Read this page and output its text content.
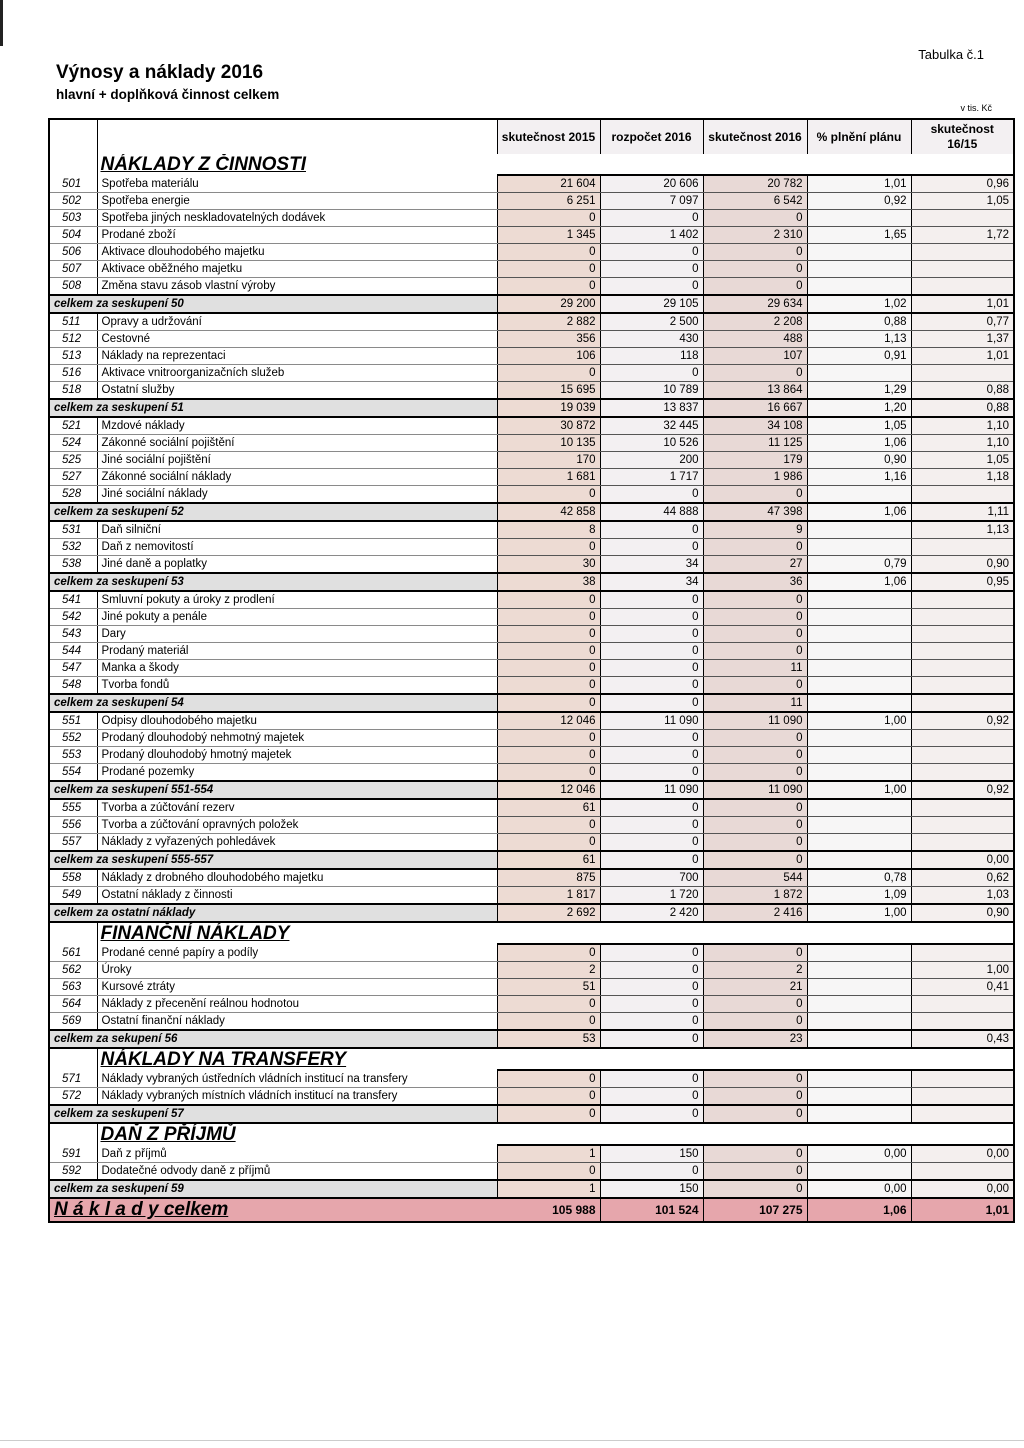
Výnosy a náklady 2016
hlavní + doplňková činnost celkem
Tabulka č.1
v tis. Kč
		skutečnost 2015	rozpočet 2016	skutečnost 2016	% plnění plánu	skutečnost 16/15
	NÁKLADY Z ČINNOSTI					
501	Spotřeba materiálu	21 604	20 606	20 782	1,01	0,96
502	Spotřeba energie	6 251	7 097	6 542	0,92	1,05
503	Spotřeba jiných neskladovatelných dodávek	0	0	0		
504	Prodané zboží	1 345	1 402	2 310	1,65	1,72
506	Aktivace dlouhodobého majetku	0	0	0		
507	Aktivace oběžného majetku	0	0	0		
508	Změna stavu zásob vlastní výroby	0	0	0		
celkem za seskupení 50		29 200	29 105	29 634	1,02	1,01
511	Opravy a udržování	2 882	2 500	2 208	0,88	0,77
512	Cestovné	356	430	488	1,13	1,37
513	Náklady na reprezentaci	106	118	107	0,91	1,01
516	Aktivace vnitroorganizačních služeb	0	0	0		
518	Ostatní služby	15 695	10 789	13 864	1,29	0,88
celkem za seskupení 51		19 039	13 837	16 667	1,20	0,88
521	Mzdové náklady	30 872	32 445	34 108	1,05	1,10
524	Zákonné sociální pojištění	10 135	10 526	11 125	1,06	1,10
525	Jiné sociální pojištění	170	200	179	0,90	1,05
527	Zákonné sociální náklady	1 681	1 717	1 986	1,16	1,18
528	Jiné sociální náklady	0	0	0		
celkem za seskupení 52		42 858	44 888	47 398	1,06	1,11
531	Daň silniční	8	0	9		1,13
532	Daň z nemovitostí	0	0	0		
538	Jiné daně a poplatky	30	34	27	0,79	0,90
celkem za seskupení 53		38	34	36	1,06	0,95
541	Smluvní pokuty a úroky z prodlení	0	0	0		
542	Jiné pokuty a penále	0	0	0		
543	Dary	0	0	0		
544	Prodaný materiál	0	0	0		
547	Manka a škody	0	0	11		
548	Tvorba fondů	0	0	0		
celkem za seskupení 54		0	0	11		
551	Odpisy dlouhodobého majetku	12 046	11 090	11 090	1,00	0,92
552	Prodaný dlouhodobý nehmotný majetek	0	0	0		
553	Prodaný dlouhodobý hmotný majetek	0	0	0		
554	Prodané pozemky	0	0	0		
celkem za seskupení 551-554		12 046	11 090	11 090	1,00	0,92
555	Tvorba a zúčtování rezerv	61	0	0		
556	Tvorba a zúčtování opravných položek	0	0	0		
557	Náklady z vyřazených pohledávek	0	0	0		
celkem za seskupení 555-557		61	0	0		0,00
558	Náklady z drobného dlouhodobého majetku	875	700	544	0,78	0,62
549	Ostatní náklady z činnosti	1 817	1 720	1 872	1,09	1,03
celkem za ostatní náklady		2 692	2 420	2 416	1,00	0,90
	FINANČNÍ NÁKLADY					
561	Prodané cenné papíry a podíly	0	0	0		
562	Úroky	2	0	2		1,00
563	Kursové ztráty	51	0	21		0,41
564	Náklady z přecenění reálnou hodnotou	0	0	0		
569	Ostatní finanční náklady	0	0	0		
celkem za sekupení 56		53	0	23		0,43
	NÁKLADY NA TRANSFERY					
571	Náklady vybraných ústředních vládních institucí na transfery	0	0	0		
572	Náklady vybraných místních vládních institucí na transfery	0	0	0		
celkem za seskupení 57		0	0	0		
	DAŇ Z PŘÍJMŮ					
591	Daň z příjmů	1	150	0	0,00	0,00
592	Dodatečné odvody daně z příjmů	0	0	0		
celkem za seskupení 59		1	150	0	0,00	0,00
N á k l a d y celkem		105 988	101 524	107 275	1,06	1,01
